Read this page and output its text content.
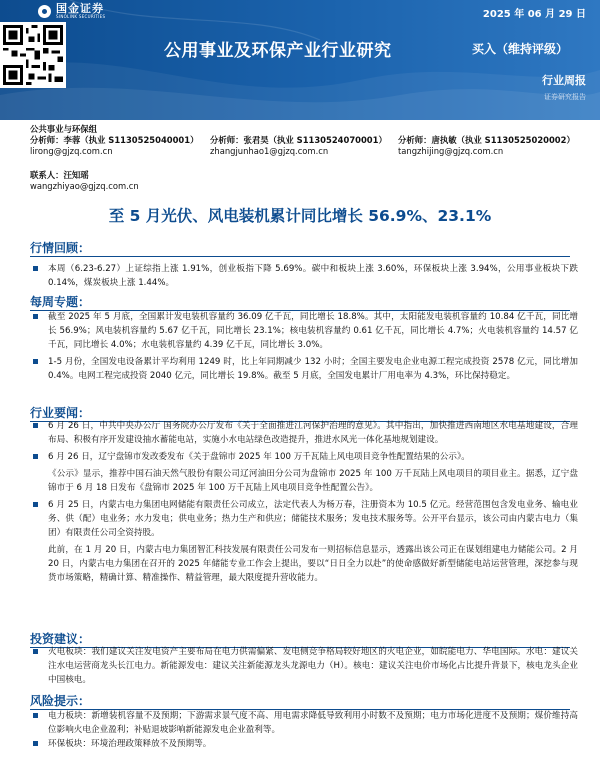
国金证券
SINOLINK SECURITIES	2025 年 06 月 29 日
公用事业及环保产业行业研究	买入（维持评级）
行业周报
证券研究报告
公共事业与环保组
分析师：李蓉（执业 S1130525040001）
lirong@gjzq.com.cn
分析师：张君昊（执业 S1130524070001）
zhangjunhao1@gjzq.com.cn
分析师：唐执敏（执业 S1130525020002）
tangzhijing@gjzq.com.cn
联系人：汪知瑶
wangzhiyao@gjzq.com.cn
至 5 月光伏、风电装机累计同比增长 56.9%、23.1%
行情回顾：
本周（6.23-6.27）上证综指上涨 1.91%，创业板指下降 5.69%。碳中和板块上涨 3.60%，环保板块上涨 3.94%，公用事业板块下跌 0.14%，煤炭板块上涨 1.44%。
每周专题：
截至 2025 年 5 月底，全国累计发电装机容量约 36.09 亿千瓦，同比增长 18.8%。其中，太阳能发电装机容量约 10.84 亿千瓦，同比增长 56.9%；风电装机容量约 5.67 亿千瓦，同比增长 23.1%；核电装机容量约 0.61 亿千瓦，同比增长 4.7%；火电装机容量约 14.57 亿千瓦，同比增长 4.0%；水电装机容量约 4.39 亿千瓦，同比增长 3.0%。
1-5 月份，全国发电设备累计平均利用 1249 时，比上年同期减少 132 小时；全国主要发电企业电源工程完成投资 2578 亿元，同比增加 0.4%。电网工程完成投资 2040 亿元，同比增长 19.8%。截至 5 月底，全国发电累计厂用电率为 4.3%，环比保持稳定。
行业要闻：
6 月 26 日，中共中央办公厅 国务院办公厅发布《关于全面推进江河保护治理的意见》。其中指出，加快推进西南地区水电基地建设，合理布局、积极有序开发建设抽水蓄能电站，实施小水电站绿色改造提升，推进水风光一体化基地规划建设。
6 月 26 日，辽宁盘锦市发改委发布《关于盘锦市 2025 年 100 万千瓦陆上风电项目竞争性配置结果的公示》。
《公示》显示，推荐中国石油天然气股份有限公司辽河油田分公司为盘锦市 2025 年 100 万千瓦陆上风电项目的项目业主。据悉，辽宁盘锦市于 6 月 18 日发布《盘锦市 2025 年 100 万千瓦陆上风电项目竞争性配置公告》。
6 月 25 日，内蒙古电力集团电网储能有限责任公司成立，法定代表人为杨万春，注册资本为 10.5 亿元。经营范围包含发电业务、输电业务、供（配）电业务；水力发电；供电业务；热力生产和供应；储能技术服务；发电技术服务等。公开平台显示，该公司由内蒙古电力（集团）有限责任公司全资持股。
此前，在 1 月 20 日，内蒙古电力集团智汇科技发展有限责任公司发布一则招标信息显示，透露出该公司正在谋划组建电力储能公司。2 月 20 日，内蒙古电力集团在召开的 2025 年储能专业工作会上提出，要以“日日全力以赴”的使命感做好新型储能电站运营管理，深挖参与现货市场策略，精确计算、精准操作、精益管理，最大限度提升营收能力。
投资建议：
火电板块：我们建议关注发电资产主要布局在电力供需偏紧、发电侧竞争格局较好地区的火电企业，如皖能电力、华电国际。水电：建议关注水电运营商龙头长江电力。新能源发电：建议关注新能源龙头龙源电力（H）。核电：建议关注电价市场化占比提升背景下，核电龙头企业中国核电。
风险提示：
电力板块：新增装机容量不及预期；下游需求景气度不高、用电需求降低导致利用小时数不及预期；电力市场化进度不及预期；煤价维持高位影响火电企业盈利；补贴退坡影响新能源发电企业盈利等。
环保板块：环境治理政策释放不及预期等。
